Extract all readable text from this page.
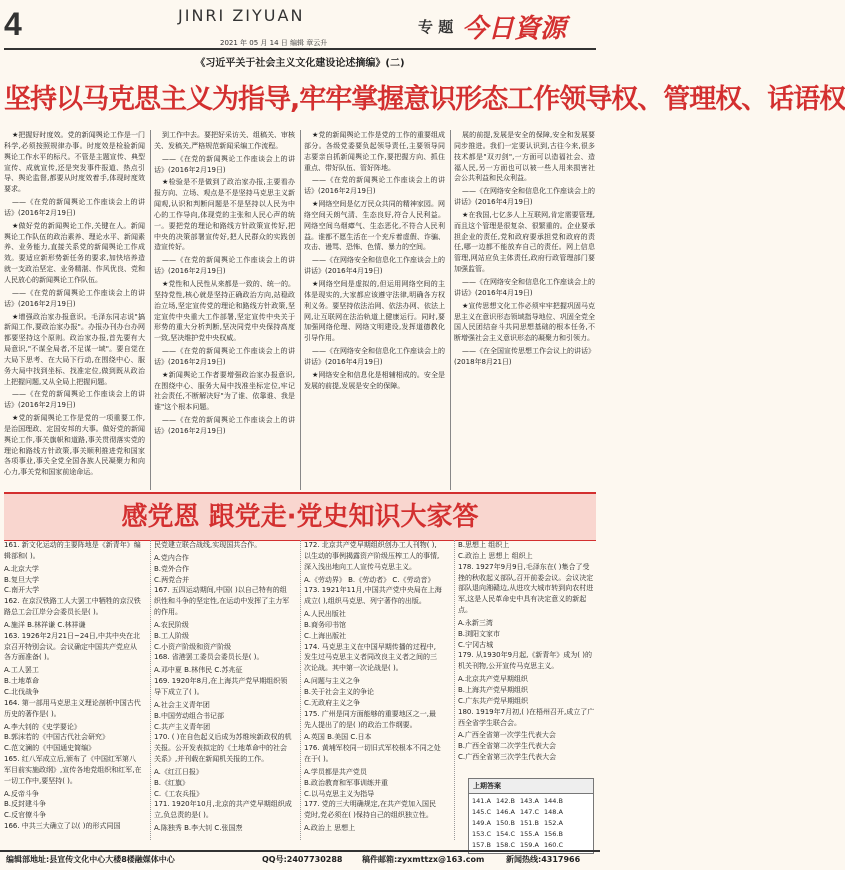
4	JINRI ZIYUAN
专 题 今日資源
2021 年 05 月 14 日 编辑 章云升
《习近平关于社会主义文化建设论述摘编》(二)
坚持以马克思主义为指导,牢牢掌握意识形态工作领导权、管理权、话语权

★把握好时度效。党的新闻舆论工作是一门科学,必须按照规律办事。时度效是检验新闻舆论工作水平的标尺。不管是主题宣传、典型宣传、成就宣传,还是突发事件报道、热点引导、舆论监督,都要从时度效着手,体现时度效要求。

——《在党的新闻舆论工作座谈会上的讲话》(2016年2月19日)

★做好党的新闻舆论工作,关键在人。新闻舆论工作队伍的政治素养、理论水平、新闻素养、业务能力,直接关系党的新闻舆论工作成效。要适应新形势新任务的要求,加快培养造就一支政治坚定、业务精湛、作风优良、党和人民放心的新闻舆论工作队伍。

——《在党的新闻舆论工作座谈会上的讲话》(2016年2月19日)

★增强政治家办报意识。毛泽东同志说"搞新闻工作,要政治家办报"。办报办刊办台办网都要坚持这个原则。政治家办报,首先要有大局意识,"不谋全局者,不足谋一域"。要自觉在大局下思考、在大局下行动,在围绕中心、服务大局中找到坐标、找准定位,做到既从政治上把握问题,又从全局上把握问题。

——《在党的新闻舆论工作座谈会上的讲话》(2016年2月19日)

★党的新闻舆论工作是党的一项重要工作,是治国理政、定国安邦的大事。做好党的新闻舆论工作,事关旗帜和道路,事关贯彻落实党的理论和路线方针政策,事关顺利推进党和国家各项事业,事关全党全国各族人民凝聚力和向心力,事关党和国家前途命运。

到工作中去。要把好采访关、组稿关、审核关、发稿关,严格规范新闻采编工作流程。

——《在党的新闻舆论工作座谈会上的讲话》(2016年2月19日)

★检验是不是做到了政治家办报,主要看办报方向、立场、观点是不是坚持马克思主义新闻观,认识和判断问题是不是坚持以人民为中心的工作导向,体现党的主张和人民心声的统一。要把党的理论和路线方针政策宣传好,把中央的决策部署宣传好,把人民群众的实践创造宣传好。

——《在党的新闻舆论工作座谈会上的讲话》(2016年2月19日)

★党性和人民性从来都是一致的、统一的。坚持党性,核心就是坚持正确政治方向,站稳政治立场,坚定宣传党的理论和路线方针政策,坚定宣传中央重大工作部署,坚定宣传中央关于形势的重大分析判断,坚决同党中央保持高度一致,坚决维护党中央权威。

——《在党的新闻舆论工作座谈会上的讲话》(2016年2月19日)

★新闻舆论工作者要增强政治家办报意识,在围绕中心、服务大局中找准坐标定位,牢记社会责任,不断解决好"为了谁、依靠谁、我是谁"这个根本问题。

——《在党的新闻舆论工作座谈会上的讲话》(2016年2月19日)

★党的新闻舆论工作是党的工作的重要组成部分。各级党委要负起领导责任,主要领导同志要亲自抓新闻舆论工作,要把握方向、抓住重点、带好队伍、管好阵地。

——《在党的新闻舆论工作座谈会上的讲话》(2016年2月19日)

★网络空间是亿万民众共同的精神家园。网络空间天朗气清、生态良好,符合人民利益。网络空间乌烟瘴气、生态恶化,不符合人民利益。谁都不愿生活在一个充斥着虚假、诈骗、攻击、谩骂、恐怖、色情、暴力的空间。

——《在网络安全和信息化工作座谈会上的讲话》(2016年4月19日)

★网络空间是虚拟的,但运用网络空间的主体是现实的,大家都应该遵守法律,明确各方权利义务。要坚持依法治网、依法办网、依法上网,让互联网在法治轨道上健康运行。同时,要加强网络伦理、网络文明建设,发挥道德教化引导作用。

——《在网络安全和信息化工作座谈会上的讲话》(2016年4月19日)

★网络安全和信息化是相辅相成的。安全是发展的前提,发展是安全的保障。

展的前提,发展是安全的保障,安全和发展要同步推进。我们一定要认识到,古往今来,很多技术都是"双刃剑",一方面可以造福社会、造福人民,另一方面也可以被一些人用来损害社会公共利益和民众利益。

——《在网络安全和信息化工作座谈会上的讲话》(2016年4月19日)

★在我国,七亿多人上互联网,肯定需要管理,而且这个管理是很复杂、很繁重的。企业要承担企业的责任,党和政府要承担党和政府的责任,哪一边都不能放弃自己的责任。网上信息管理,网站应负主体责任,政府行政管理部门要加强监管。

——《在网络安全和信息化工作座谈会上的讲话》(2016年4月19日)

★宣传思想文化工作必须牢牢把握巩固马克思主义在意识形态领域指导地位、巩固全党全国人民团结奋斗共同思想基础的根本任务,不断增强社会主义意识形态的凝聚力和引领力。

——《在全国宣传思想工作会议上的讲话》(2018年8月21日)

感党恩 跟党走·党史知识大家答
161. 新文化运动的主要阵地是《新青年》编辑部和( )。
A.北京大学
B.复旦大学
C.南开大学
162. 在京汉铁路工人大罢工中牺牲的京汉铁路总工会江岸分会委员长是( )。
A.施洋 B.林祥谦 C.林祥谦
163. 1926年2月21日~24日,中共中央在北京召开特别会议。会议确定中国共产党应从各方面准备( )。
A.工人罢工
B.土地革命
C.北伐战争
164. 第一部用马克思主义理论剖析中国古代历史的著作是( )。
A.李大钊的《史学要论》
B.郭沫若的《中国古代社会研究》
C.范文澜的《中国通史简编》
165. 红八军成立后,颁布了《中国红军第八军目前实施政纲》,宣传各地党组织和红军,在一切工作中,要坚持( )。
A.反帝斗争
B.反封建斗争
C.反官僚斗争
166. 中共三大确立了以( )的形式同国
民党建立联合战线,实现国共合作。
A.党内合作
B.党外合作
C.两党合并
167. 五四运动期间,中国( )以自己特有的组织性和斗争的坚定性,在运动中发挥了主力军的作用。
A.农民阶级
B.工人阶级
C.小资产阶级和资产阶级
168. 省港罢工委员会委员长是( )。
A.邓中夏 B.林伟民 C.苏兆征
169. 1920年8月,在上海共产党早期组织领导下成立了( )。
A.社会主义青年团
B.中国劳动组合书记部
C.共产主义青年团
170. ( )在自色起义后成为苏维埃新政权的机关报。公开发表拟定的《土地革命中的社会关系》,并刊载在新闻机关报的工作。
A.《红江日报》
B.《红旗》
C.《工农兵报》
171. 1920年10月,北京的共产党早期组织成立,负总责的是( )。
A.陈独秀 B.李大钊 C.张国焘
172. 北京共产党早期组织创办工人刊物( ),以生动的事例揭露资产阶级压榨工人的事情,深入浅出地向工人宣传马克思主义。
A.《劳动界》 B.《劳动者》 C.《劳动音》
173. 1921年11月,中国共产党中央局在上海成立( ),组织马克思、列宁著作的出版。
A.人民出版社
B.商务印书馆
C.上海出版社
174. 马克思主义在中国早期传播的过程中,发生过马克思主义者同改良主义者之间的三次论战。其中第一次论战是( )。
A.问题与主义之争
B.关于社会主义的争论
C.无政府主义之争
175. 广州是同方面能够的重要地区之一,最先人提出了的是( )的政治工作纲要。
A.英国 B.美国 C.日本
176. 黄埔军校同一切旧式军校根本不同之处在于( )。
A.学员都是共产党员
B.政治教育和军事训练并重
C.以马克思主义为指导
177. 党的三大明确规定,在共产党加入国民党时,党必须在( )保持自己的组织独立性。
A.政治上 思想上
B.思想上 组织上
C.政治上 思想上 组织上
178. 1927年9月9日,毛泽东在( )集合了受挫的秋收起义部队,召开前委会议。会议决定部队退向湘赣边,从进攻大城市转到向农村进军,这是人民革命史中具有决定意义的新起点。
A.永新三湾
B.浏阳文家市
C.宁冈古城
179. 从1930年9月起,《新青年》成为( )的机关刊物,公开宣传马克思主义。
A.北京共产党早期组织
B.上海共产党早期组织
C.广东共产党早期组织
180. 1919年7月初,( )在梧州召开,成立了广西全省学生联合会。
A.广西全省第一次学生代表大会
B.广西全省第二次学生代表大会
C.广西全省第三次学生代表大会
上期答案
141.A 142.B 143.A 144.B
145.C 146.A 147.C 148.A
149.A 150.B 151.B 152.A
153.C 154.C 155.A 156.B
157.B 158.C 159.A 160.C
编辑部地址:县宣传文化中心大楼8楼融媒体中心	QQ号:2407730288 稿件邮箱:zyxmttzx@163.com	新闻热线:4317966
